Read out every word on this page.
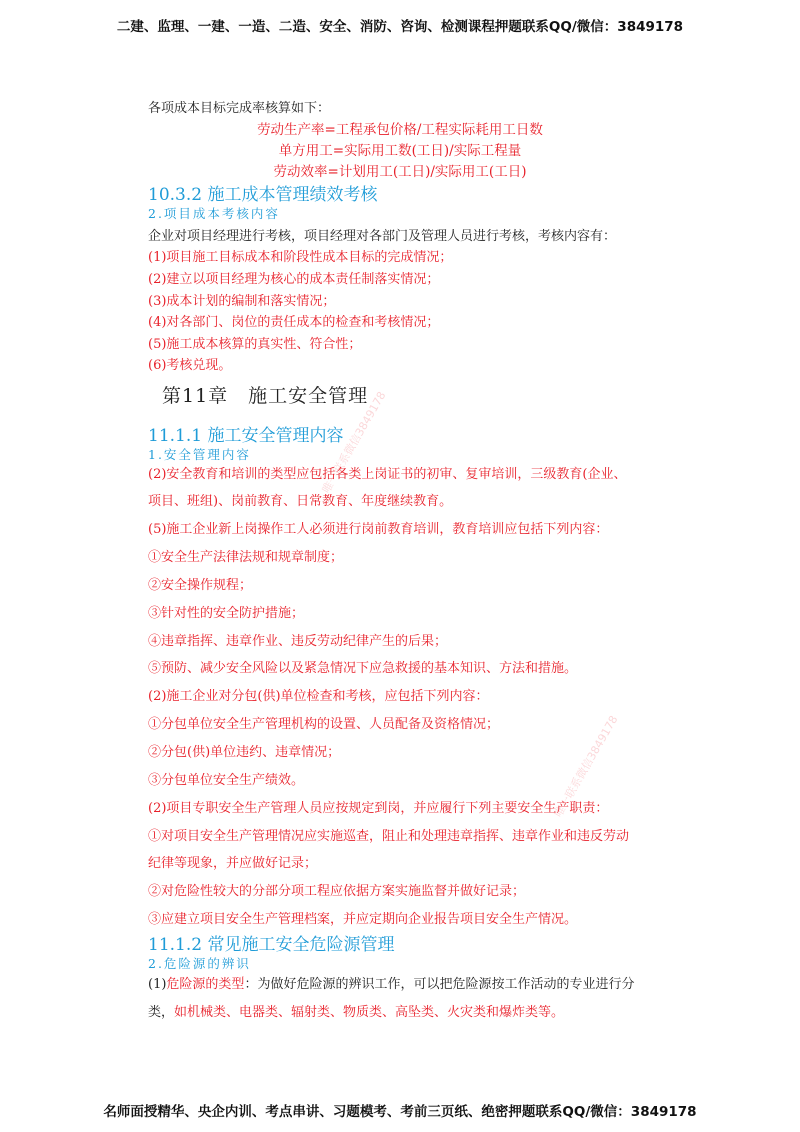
二建、监理、一建、一造、二造、安全、消防、咨询、检测课程押题联系QQ/微信：3849178
各项成本目标完成率核算如下：
劳动生产率=工程承包价格/工程实际耗用工日数
单方用工=实际用工数(工日)/实际工程量
劳动效率=计划用工(工日)/实际用工(工日)
10.3.2 施工成本管理绩效考核
2.项目成本考核内容
企业对项目经理进行考核，项目经理对各部门及管理人员进行考核，考核内容有：
(1)项目施工目标成本和阶段性成本目标的完成情况；
(2)建立以项目经理为核心的成本责任制落实情况；
(3)成本计划的编制和落实情况；
(4)对各部门、岗位的责任成本的检查和考核情况；
(5)施工成本核算的真实性、符合性；
(6)考核兑现。
第11章　施工安全管理
11.1.1 施工安全管理内容
1.安全管理内容
(2)安全教育和培训的类型应包括各类上岗证书的初审、复审培训，三级教育(企业、
项目、班组)、岗前教育、日常教育、年度继续教育。
(5)施工企业新上岗操作工人必须进行岗前教育培训，教育培训应包括下列内容：
①安全生产法律法规和规章制度；
②安全操作规程；
③针对性的安全防护措施；
④违章指挥、违章作业、违反劳动纪律产生的后果；
⑤预防、减少安全风险以及紧急情况下应急救援的基本知识、方法和措施。
(2)施工企业对分包(供)单位检查和考核，应包括下列内容：
①分包单位安全生产管理机构的设置、人员配备及资格情况；
②分包(供)单位违约、违章情况；
③分包单位安全生产绩效。
(2)项目专职安全生产管理人员应按规定到岗，并应履行下列主要安全生产职责：
①对项目安全生产管理情况应实施巡查，阻止和处理违章指挥、违章作业和违反劳动
纪律等现象，并应做好记录；
②对危险性较大的分部分项工程应依据方案实施监督并做好记录；
③应建立项目安全生产管理档案，并应定期向企业报告项目安全生产情况。
11.1.2 常见施工安全危险源管理
2.危险源的辨识
(1)危险源的类型：为做好危险源的辨识工作，可以把危险源按工作活动的专业进行分
类，如机械类、电器类、辐射类、物质类、高坠类、火灾类和爆炸类等。
唯一联系微信3849178
唯一联系微信3849178
名师面授精华、央企内训、考点串讲、习题模考、考前三页纸、绝密押题联系QQ/微信：3849178
